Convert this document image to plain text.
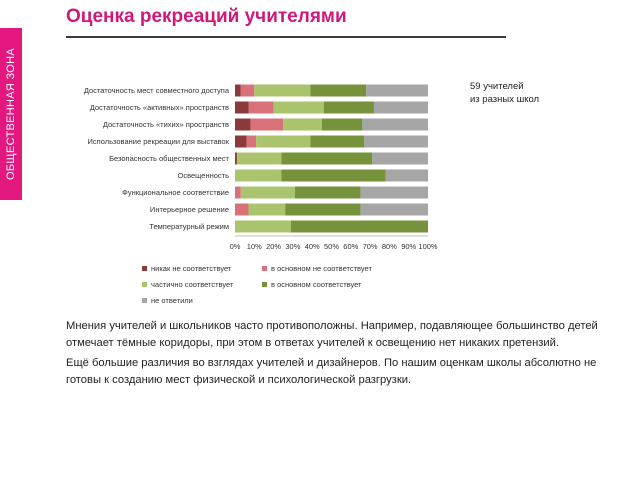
ОБЩЕСТВЕННАЯ ЗОНА
Оценка рекреаций учителями
Достаточность мест совместного доступа
Достаточность «активных» пространств
Достаточность «тихих» пространств
Использование рекреации для выставок
Безопасность общественных мест
Освещенность
Функциональное соответствие
Интерьерное решение
Температурный режим
0% 10% 20% 30% 40% 50% 60% 70% 80% 90% 100%
59 учителей
из разных школ
никак не соответствует	в основном не соответствует
частично соответствует	в основном соответствует
не ответили

Мнения учителей и школьников часто противоположны. Например, подавляющее большинство детей отмечает тёмные коридоры, при этом в ответах учителей к освещению нет никаких претензий.

Ещё большие различия во взглядах учителей и дизайнеров. По нашим оценкам школы абсолютно не готовы к созданию мест физической и психологической разгрузки.
